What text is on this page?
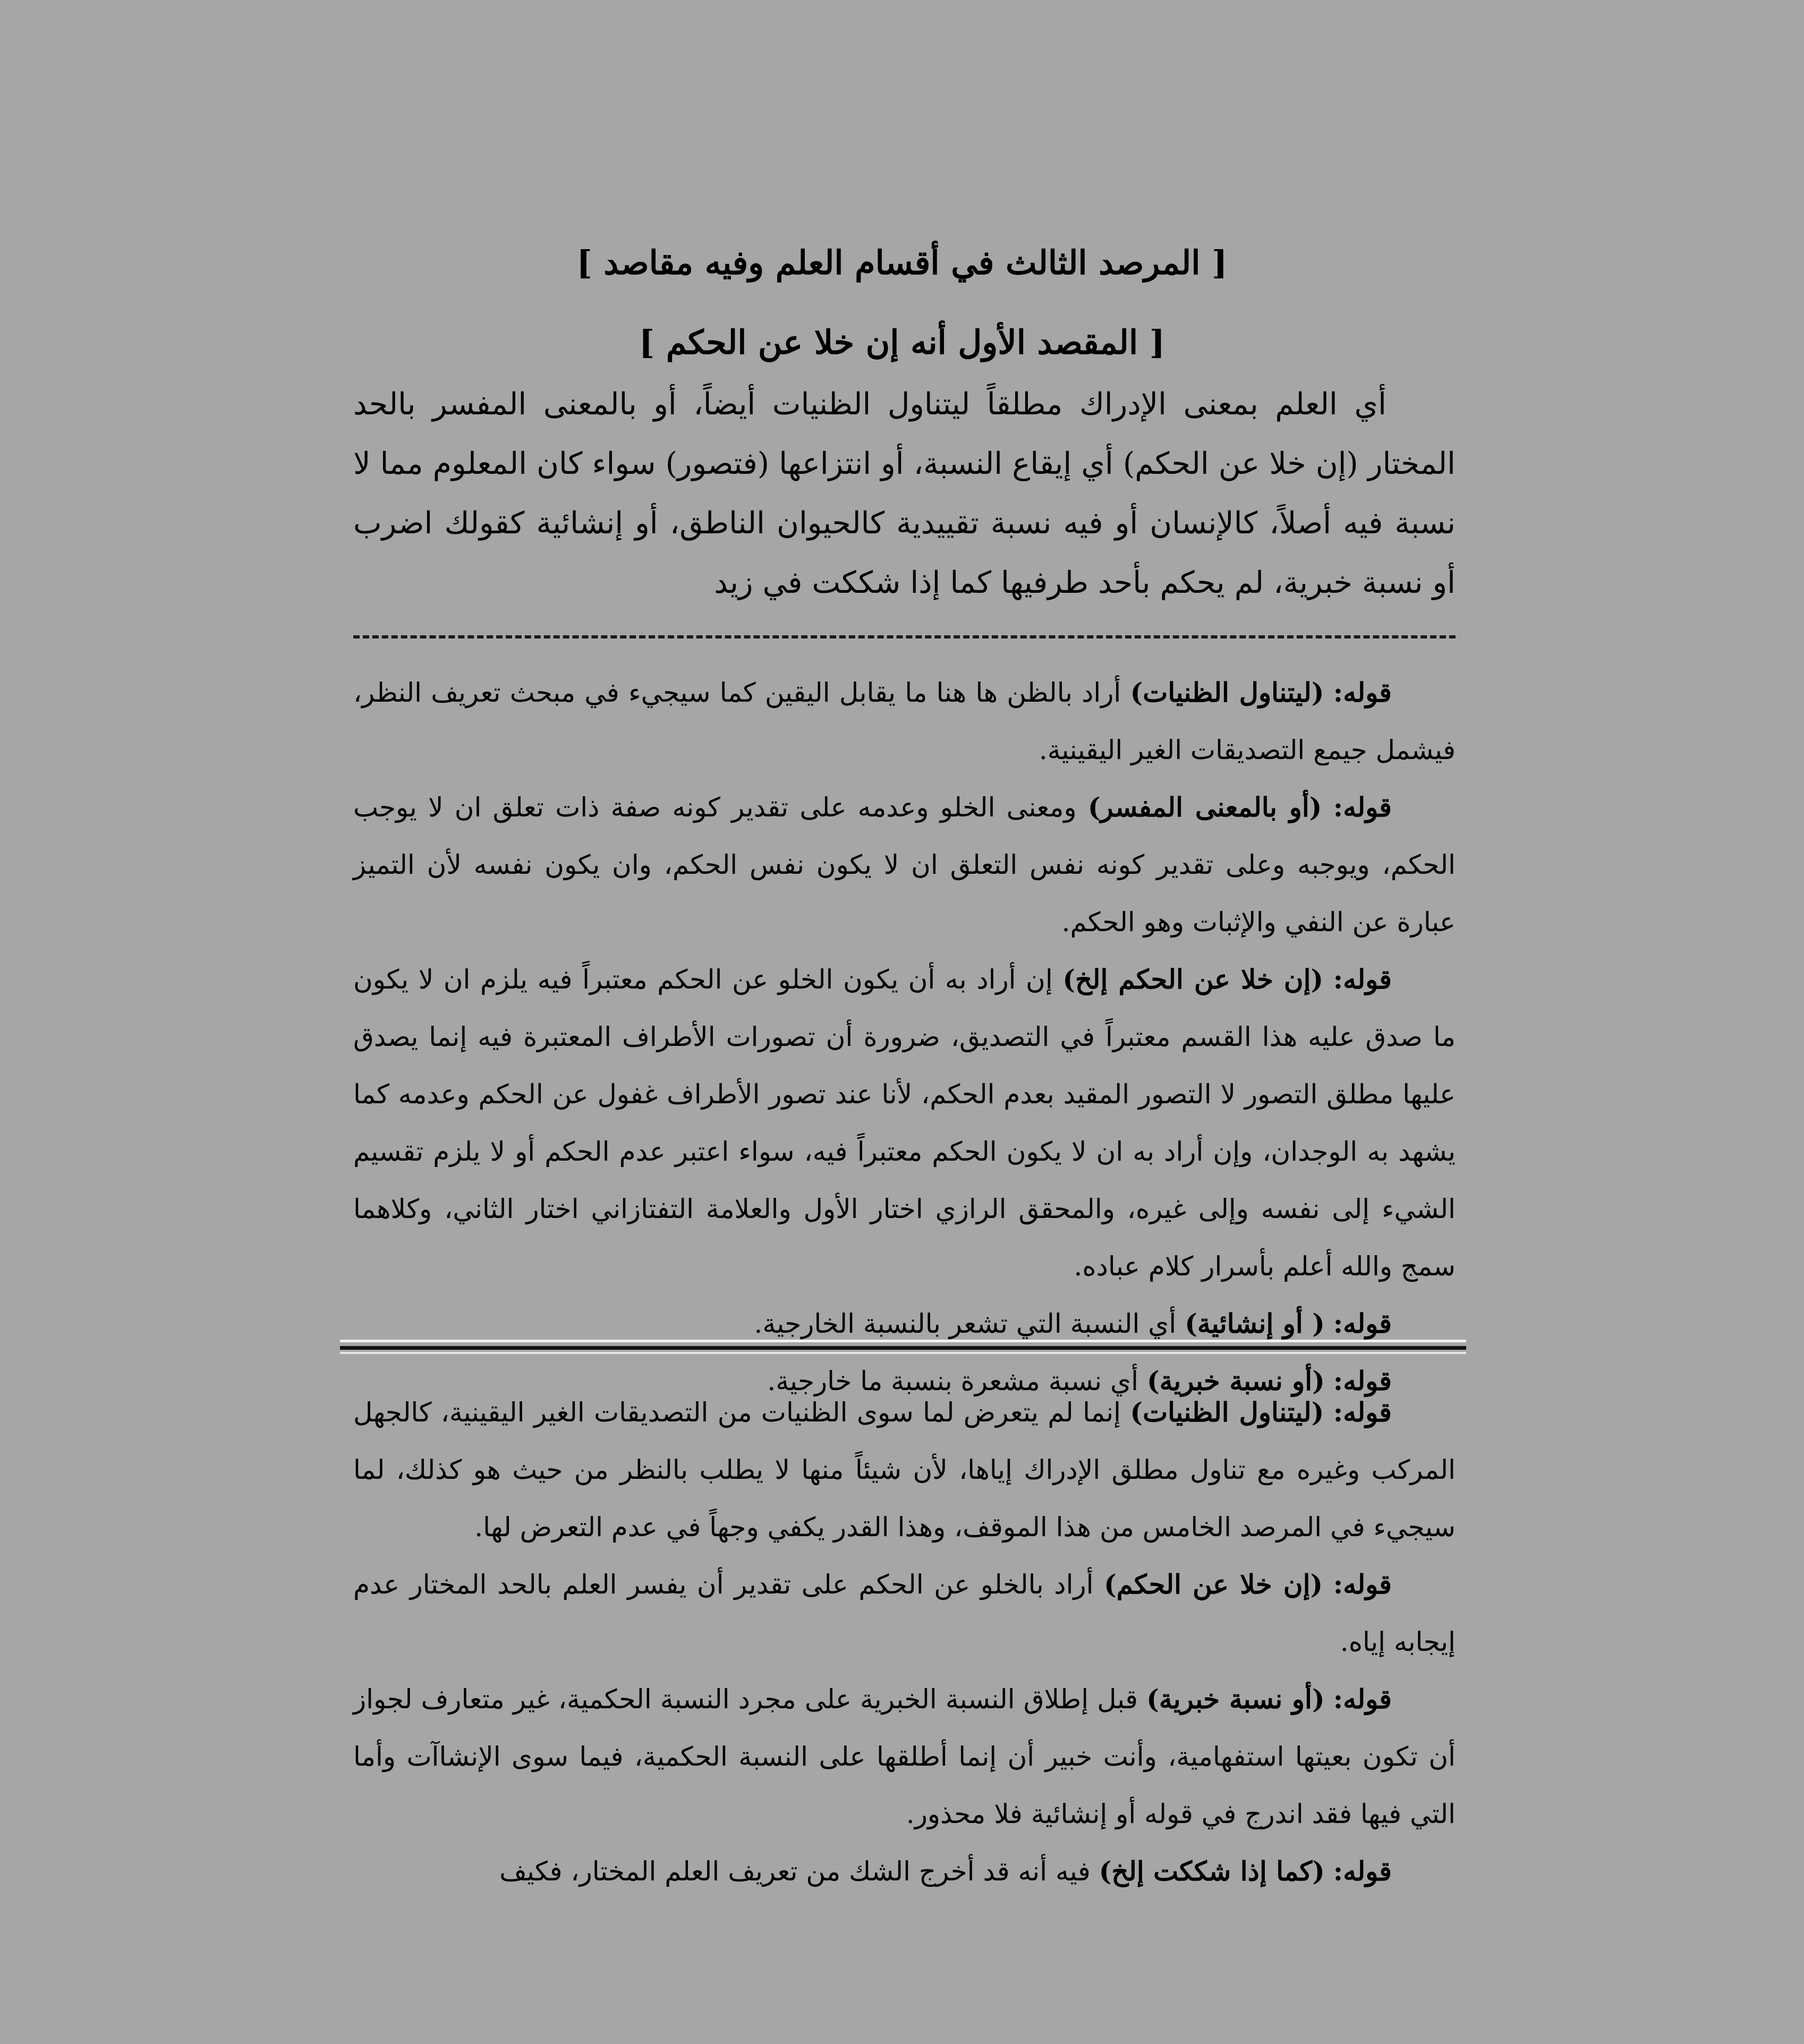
[ المرصد الثالث في أقسام العلم وفيه مقاصد ]
[ المقصد الأول أنه إن خلا عن الحكم ]

أي العلم بمعنى الإدراك مطلقاً ليتناول الظنيات أيضاً، أو بالمعنى المفسر بالحد المختار (إن خلا عن الحكم) أي إيقاع النسبة، أو انتزاعها (فتصور) سواء كان المعلوم مما لا نسبة فيه أصلاً، كالإنسان أو فيه نسبة تقييدية كالحيوان الناطق، أو إنشائية كقولك اضرب أو نسبة خبرية، لم يحكم بأحد طرفيها كما إذا شككت في زيد

قوله: (ليتناول الظنيات) أراد بالظن ها هنا ما يقابل اليقين كما سيجيء في مبحث تعريف النظر، فيشمل جيمع التصديقات الغير اليقينية.

قوله: (أو بالمعنى المفسر) ومعنى الخلو وعدمه على تقدير كونه صفة ذات تعلق ان لا يوجب الحكم، ويوجبه وعلى تقدير كونه نفس التعلق ان لا يكون نفس الحكم، وان يكون نفسه لأن التميز عبارة عن النفي والإثبات وهو الحكم.

قوله: (إن خلا عن الحكم إلخ) إن أراد به أن يكون الخلو عن الحكم معتبراً فيه يلزم ان لا يكون ما صدق عليه هذا القسم معتبراً في التصديق، ضرورة أن تصورات الأطراف المعتبرة فيه إنما يصدق عليها مطلق التصور لا التصور المقيد بعدم الحكم، لأنا عند تصور الأطراف غفول عن الحكم وعدمه كما يشهد به الوجدان، وإن أراد به ان لا يكون الحكم معتبراً فيه، سواء اعتبر عدم الحكم أو لا يلزم تقسيم الشيء إلى نفسه وإلى غيره، والمحقق الرازي اختار الأول والعلامة التفتازاني اختار الثاني، وكلاهما سمج والله أعلم بأسرار كلام عباده.

قوله: ( أو إنشائية) أي النسبة التي تشعر بالنسبة الخارجية.

قوله: (أو نسبة خبرية) أي نسبة مشعرة بنسبة ما خارجية.

قوله: (ليتناول الظنيات) إنما لم يتعرض لما سوى الظنيات من التصديقات الغير اليقينية، كالجهل المركب وغيره مع تناول مطلق الإدراك إياها، لأن شيئاً منها لا يطلب بالنظر من حيث هو كذلك، لما سيجيء في المرصد الخامس من هذا الموقف، وهذا القدر يكفي وجهاً في عدم التعرض لها.

قوله: (إن خلا عن الحكم) أراد بالخلو عن الحكم على تقدير أن يفسر العلم بالحد المختار عدم إيجابه إياه.

قوله: (أو نسبة خبرية) قبل إطلاق النسبة الخبرية على مجرد النسبة الحكمية، غير متعارف لجواز أن تكون بعيتها استفهامية، وأنت خبير أن إنما أطلقها على النسبة الحكمية، فيما سوى الإنشاآت وأما التي فيها فقد اندرج في قوله أو إنشائية فلا محذور.

قوله: (كما إذا شككت إلخ) فيه أنه قد أخرج الشك من تعريف العلم المختار، فكيف
